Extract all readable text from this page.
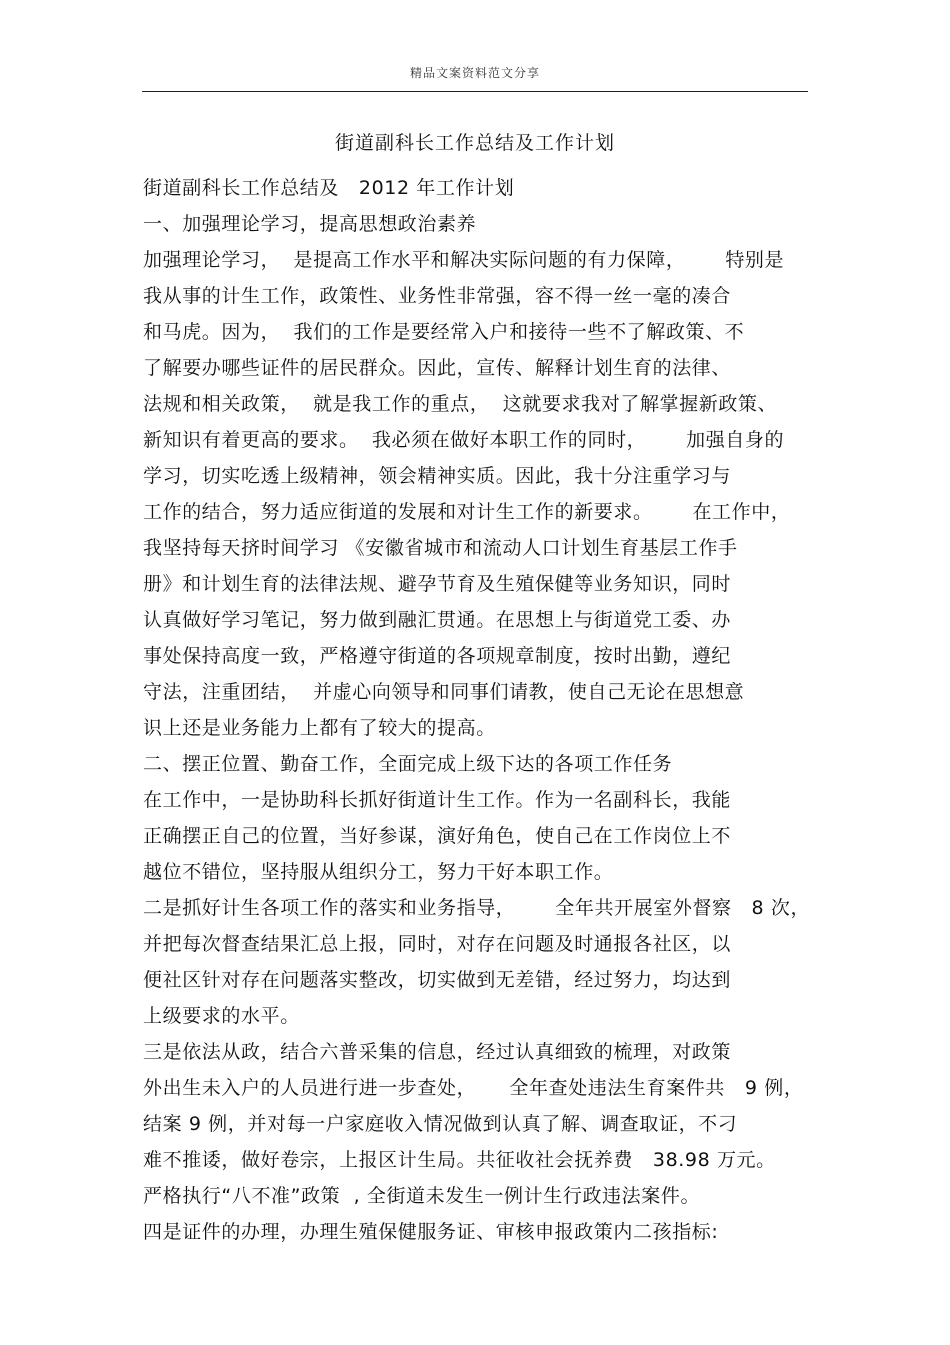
精品文案资料范文分享
街道副科长工作总结及工作计划
街道副科长工作总结及   2012 年工作计划
一、加强理论学习，提高思想政治素养
加强理论学习，  是提高工作水平和解决实际问题的有力保障，      特别是
我从事的计生工作，政策性、业务性非常强，容不得一丝一毫的凑合
和马虎。因为，  我们的工作是要经常入户和接待一些不了解政策、不
了解要办哪些证件的居民群众。因此，宣传、解释计划生育的法律、
法规和相关政策，  就是我工作的重点，  这就要求我对了解掌握新政策、
新知识有着更高的要求。  我必须在做好本职工作的同时，      加强自身的
学习，切实吃透上级精神，领会精神实质。因此，我十分注重学习与
工作的结合，努力适应街道的发展和对计生工作的新要求。      在工作中，
我坚持每天挤时间学习 《安徽省城市和流动人口计划生育基层工作手
册》和计划生育的法律法规、避孕节育及生殖保健等业务知识，同时
认真做好学习笔记，努力做到融汇贯通。在思想上与街道党工委、办
事处保持高度一致，严格遵守街道的各项规章制度，按时出勤，遵纪
守法，注重团结，  并虚心向领导和同事们请教，使自己无论在思想意
识上还是业务能力上都有了较大的提高。
二、摆正位置、勤奋工作，全面完成上级下达的各项工作任务
在工作中，一是协助科长抓好街道计生工作。作为一名副科长，我能
正确摆正自己的位置，当好参谋，演好角色，使自己在工作岗位上不
越位不错位，坚持服从组织分工，努力干好本职工作。
二是抓好计生各项工作的落实和业务指导，      全年共开展室外督察   8 次，
并把每次督查结果汇总上报，同时，对存在问题及时通报各社区，以
便社区针对存在问题落实整改，切实做到无差错，经过努力，均达到
上级要求的水平。
三是依法从政，结合六普采集的信息，经过认真细致的梳理，对政策
外出生未入户的人员进行进一步查处，     全年查处违法生育案件共   9 例，
结案 9 例，并对每一户家庭收入情况做到认真了解、调查取证，不刁
难不推诿，做好卷宗，上报区计生局。共征收社会抚养费   38.98 万元。
严格执行“八不准”政策  , 全街道未发生一例计生行政违法案件。
四是证件的办理，办理生殖保健服务证、审核申报政策内二孩指标:
